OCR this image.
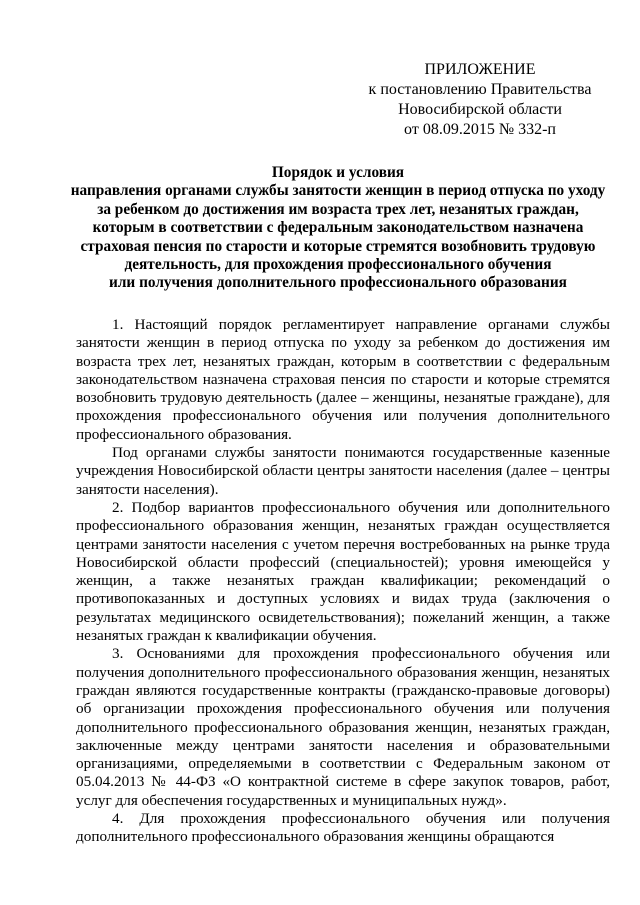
ПРИЛОЖЕНИЕ
к постановлению Правительства
Новосибирской области
от 08.09.2015 № 332-п
Порядок и условия
направления органами службы занятости женщин в период отпуска по уходу
за ребенком до достижения им возраста трех лет, незанятых граждан,
которым в соответствии с федеральным законодательством назначена
страховая пенсия по старости и которые стремятся возобновить трудовую
деятельность, для прохождения профессионального обучения
или получения дополнительного профессионального образования

1. Настоящий порядок регламентирует направление органами службы занятости женщин в период отпуска по уходу за ребенком до достижения им возраста трех лет, незанятых граждан, которым в соответствии с федеральным законодательством назначена страховая пенсия по старости и которые стремятся возобновить трудовую деятельность (далее – женщины, незанятые граждане), для прохождения профессионального обучения или получения дополнительного профессионального образования.

Под органами службы занятости понимаются государственные казенные учреждения Новосибирской области центры занятости населения (далее – центры занятости населения).

2. Подбор вариантов профессионального обучения или дополнительного профессионального образования женщин, незанятых граждан осуществляется центрами занятости населения с учетом перечня востребованных на рынке труда Новосибирской области профессий (специальностей); уровня имеющейся у женщин, а также незанятых граждан квалификации; рекомендаций о противопоказанных и доступных условиях и видах труда (заключения о результатах медицинского освидетельствования); пожеланий женщин, а также незанятых граждан к квалификации обучения.

3. Основаниями для прохождения профессионального обучения или получения дополнительного профессионального образования женщин, незанятых граждан являются государственные контракты (гражданско-правовые договоры) об организации прохождения профессионального обучения или получения дополнительного профессионального образования женщин, незанятых граждан, заключенные между центрами занятости населения и образовательными организациями, определяемыми в соответствии с Федеральным законом от 05.04.2013 № 44-ФЗ «О контрактной системе в сфере закупок товаров, работ, услуг для обеспечения государственных и муниципальных нужд».

4. Для прохождения профессионального обучения или получения дополнительного профессионального образования женщины обращаются
